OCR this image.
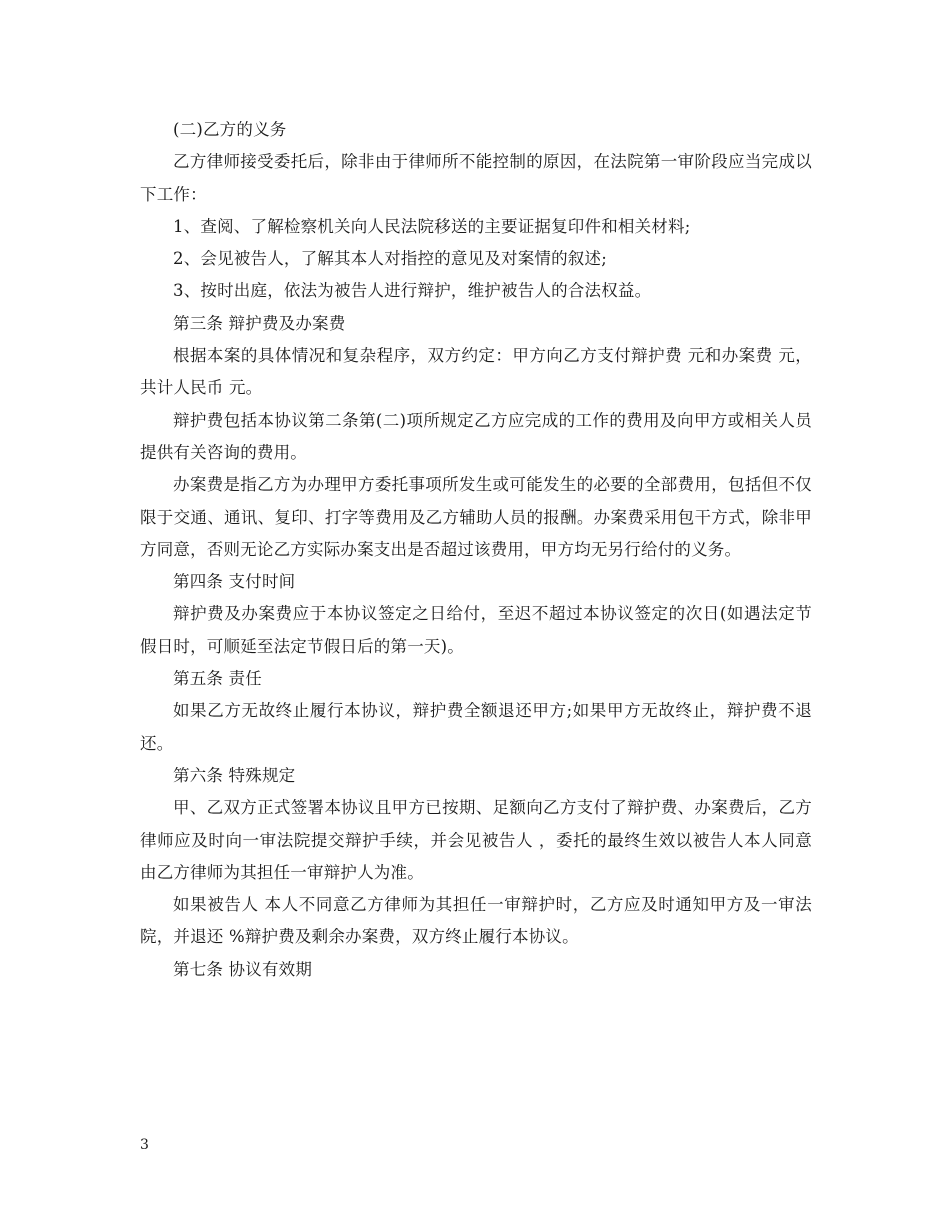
(二)乙方的义务

乙方律师接受委托后，除非由于律师所不能控制的原因，在法院第一审阶段应当完成以下工作：

1、查阅、了解检察机关向人民法院移送的主要证据复印件和相关材料;

2、会见被告人，了解其本人对指控的意见及对案情的叙述;

3、按时出庭，依法为被告人进行辩护，维护被告人的合法权益。

第三条 辩护费及办案费

根据本案的具体情况和复杂程序，双方约定：甲方向乙方支付辩护费 元和办案费 元，共计人民币 元。

辩护费包括本协议第二条第(二)项所规定乙方应完成的工作的费用及向甲方或相关人员提供有关咨询的费用。

办案费是指乙方为办理甲方委托事项所发生或可能发生的必要的全部费用，包括但不仅限于交通、通讯、复印、打字等费用及乙方辅助人员的报酬。办案费采用包干方式，除非甲方同意，否则无论乙方实际办案支出是否超过该费用，甲方均无另行给付的义务。

第四条 支付时间

辩护费及办案费应于本协议签定之日给付，至迟不超过本协议签定的次日(如遇法定节假日时，可顺延至法定节假日后的第一天)。

第五条 责任

如果乙方无故终止履行本协议，辩护费全额退还甲方;如果甲方无故终止，辩护费不退还。

第六条 特殊规定

甲、乙双方正式签署本协议且甲方已按期、足额向乙方支付了辩护费、办案费后，乙方律师应及时向一审法院提交辩护手续，并会见被告人 ，委托的最终生效以被告人本人同意由乙方律师为其担任一审辩护人为准。

如果被告人 本人不同意乙方律师为其担任一审辩护时，乙方应及时通知甲方及一审法院，并退还 %辩护费及剩余办案费，双方终止履行本协议。

第七条 协议有效期

3
